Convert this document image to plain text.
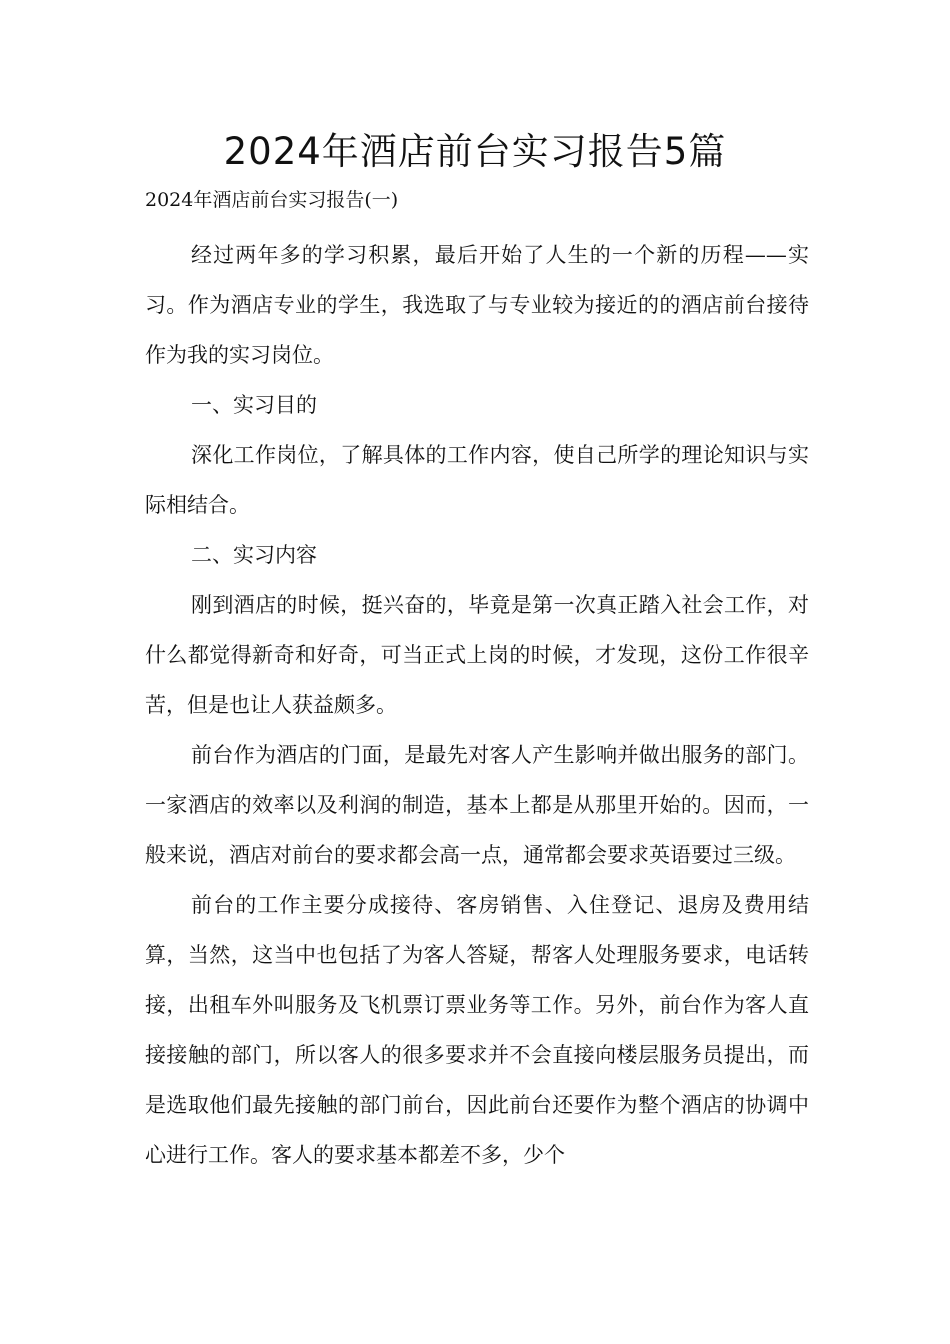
2024年酒店前台实习报告5篇

2024年酒店前台实习报告(一)

经过两年多的学习积累，最后开始了人生的一个新的历程——实习。作为酒店专业的学生，我选取了与专业较为接近的的酒店前台接待作为我的实习岗位。

一、实习目的

深化工作岗位，了解具体的工作内容，使自己所学的理论知识与实际相结合。

二、实习内容

刚到酒店的时候，挺兴奋的，毕竟是第一次真正踏入社会工作，对什么都觉得新奇和好奇，可当正式上岗的时候，才发现，这份工作很辛苦，但是也让人获益颇多。

前台作为酒店的门面，是最先对客人产生影响并做出服务的部门。一家酒店的效率以及利润的制造，基本上都是从那里开始的。因而，一般来说，酒店对前台的要求都会高一点，通常都会要求英语要过三级。

前台的工作主要分成接待、客房销售、入住登记、退房及费用结算，当然，这当中也包括了为客人答疑，帮客人处理服务要求，电话转接，出租车外叫服务及飞机票订票业务等工作。另外，前台作为客人直接接触的部门，所以客人的很多要求并不会直接向楼层服务员提出，而是选取他们最先接触的部门前台，因此前台还要作为整个酒店的协调中心进行工作。客人的要求基本都差不多，少个
